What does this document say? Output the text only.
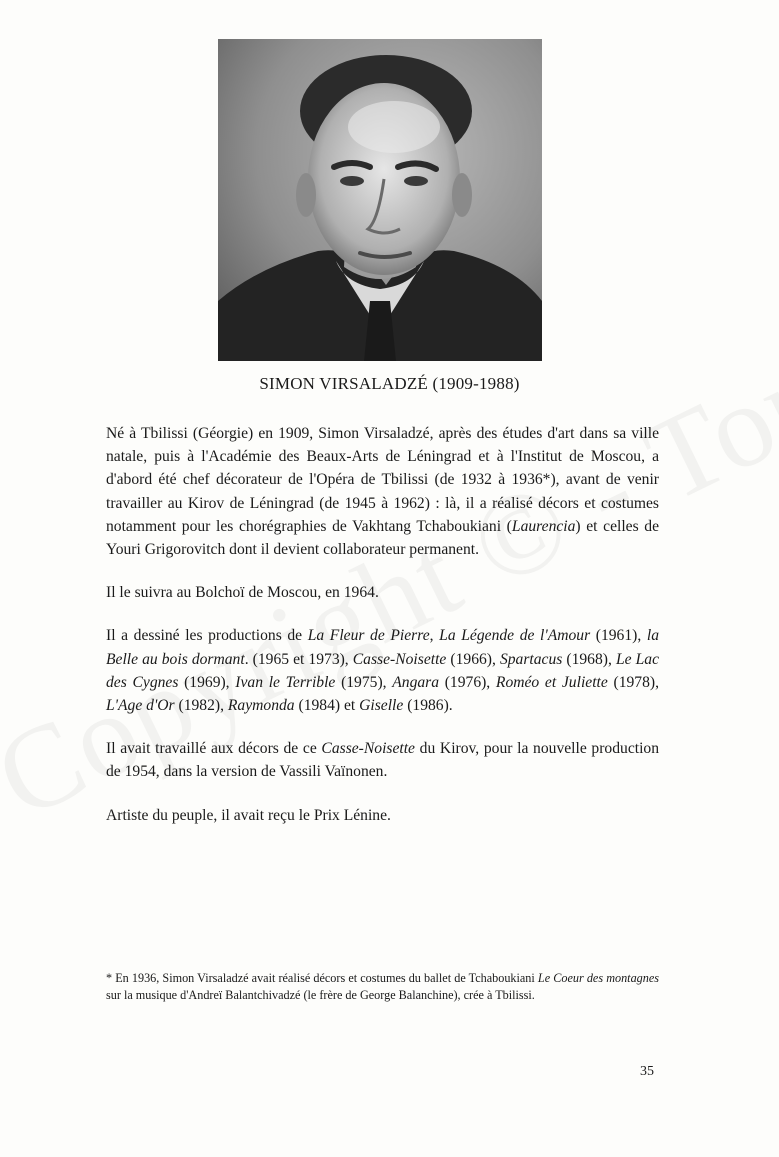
SIMON VIRSALADZÉ (1909-1988)

Né à Tbilissi (Géorgie) en 1909, Simon Virsaladzé, après des études d'art dans sa ville natale, puis à l'Académie des Beaux-Arts de Léningrad et à l'Institut de Moscou, a d'abord été chef décorateur de l'Opéra de Tbilissi (de 1932 à 1936*), avant de venir travailler au Kirov de Léningrad (de 1945 à 1962) : là, il a réalisé décors et costumes notamment pour les chorégraphies de Vakhtang Tchaboukiani (Laurencia) et celles de Youri Grigorovitch dont il devient collaborateur permanent.

Il le suivra au Bolchoï de Moscou, en 1964.

Il a dessiné les productions de La Fleur de Pierre, La Légende de l'Amour (1961), la Belle au bois dormant. (1965 et 1973), Casse-Noisette (1966), Spartacus (1968), Le Lac des Cygnes (1969), Ivan le Terrible (1975), Angara (1976), Roméo et Juliette (1978), L'Age d'Or (1982), Raymonda (1984) et Giselle (1986).

Il avait travaillé aux décors de ce Casse-Noisette du Kirov, pour la nouvelle production de 1954, dans la version de Vassili Vaïnonen.

Artiste du peuple, il avait reçu le Prix Lénine.

* En 1936, Simon Virsaladzé avait réalisé décors et costumes du ballet de Tchaboukiani Le Coeur des montagnes sur la musique d'Andreï Balantchivadzé (le frère de George Balanchine), crée à Tbilissi.
35
